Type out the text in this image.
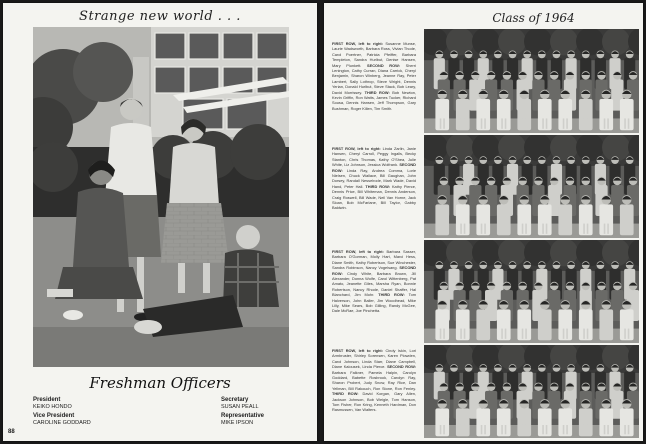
Strange new world . . .
Freshman Officers
President
KEIKO HONDO
Vice President
CAROLINE GODDARD
Secretary
SUSAN PEALL
Representative
MIKE IPSON
88
Class of 1964
FIRST ROW, left to right: Susanne Munse, Laurie Wadsworth, Barbara Ross, Vivian Thode, Carol Poertner, Patricia Pfeiffer, Barbara Templeton, Sandra Hurlbut, Denise Hansen, Mary Plunkett. SECOND ROW: Sherri Lenington, Cathy Curran, Diana Carrick, Cheryl Benjamin, Sharon Winberg, Jeanne Ray, Peter Lambert, Sally Lothrop, Steve Wright, Dennis Yerian, Donald Hurlbut, Steve Stack, Bob Leary, David Morrissey. THIRD ROW: Bob Newton, Kevin Griffin, Ron Watts, James Tucker, Richard Sousa, Dennis Hansen, Jeff Thompson, Gary Bushman, Roger Killen, Tim Smith.
FIRST ROW, left to right: Linda Zarlin, Janie Hansen, Cheryl Carroll, Peggy Ingalls, Becky Stanton, Chris Thomas, Kathy O'Shea, Julie White, Liz Johnson, Jessica Wolfrank. SECOND ROW: Linda Ray, Andrea Comma, Lorie Nielsen, Chuck Wallace, Bill Gaughan, John Dorsey, Randall Nesselrode, Mark Wade, David Hand, Peter Hall. THIRD ROW: Kathy Pierce, Dennis Price, Bill Whiteman, Dennis Anderson, Craig Roswell, Bill Wade, Neil Van Horne, Jack Sloan, Bob McFarlane, Bill Taylor, Gabby Baldwin.
FIRST ROW, left to right: Barbara Sasser, Barbara O'Gorman, Molly Hart, Marci Hess, Diane Smith, Kathy Robertson, Sue Winchester, Sandra Robinson, Nancy Vogelsang. SECOND ROW: Cindy White, Barbara Brown, Jill Alexander, Donna Wolfe, Carol Wittenberg, Pat Amato, Jeanette Giles, Marsha Ryan, Bonnie Robertson, Nancy Rhode, Daniel Shaffer, Hal Blanchard, Jim Mohr. THIRD ROW: Tom Halverson, John Baller, Jim Woodhead, Mike Lilly, Mike Sears, Bob Gilling, Randy McGee, Dale McRae, Joe Pinchetta.
FIRST ROW, left to right: Cindy Iskin, Lori Armbruster, Shirley Sorensen, Karen Plowden, Carol Johnson, Linda Starr, Diane Campbell, Diane Kalousek, Linda Pierce. SECOND ROW: Barbara Falkner, Pamela Halpin, Carolyn Goddard, Babette Rosbrook, Carolyn Ray, Sharon Probert, Judy Snow, Ray Rice, Dan Yellman, Bill Rakouch, Ron Stone, Ron Fenley. THIRD ROW: David Korgan, Gary Allen, Jackson Johnson, Bob Weigle, Tom Hanson, Tom Fisher, Ron Kring, Kenneth Hardman, Don Rasmussen, Van Walters.
